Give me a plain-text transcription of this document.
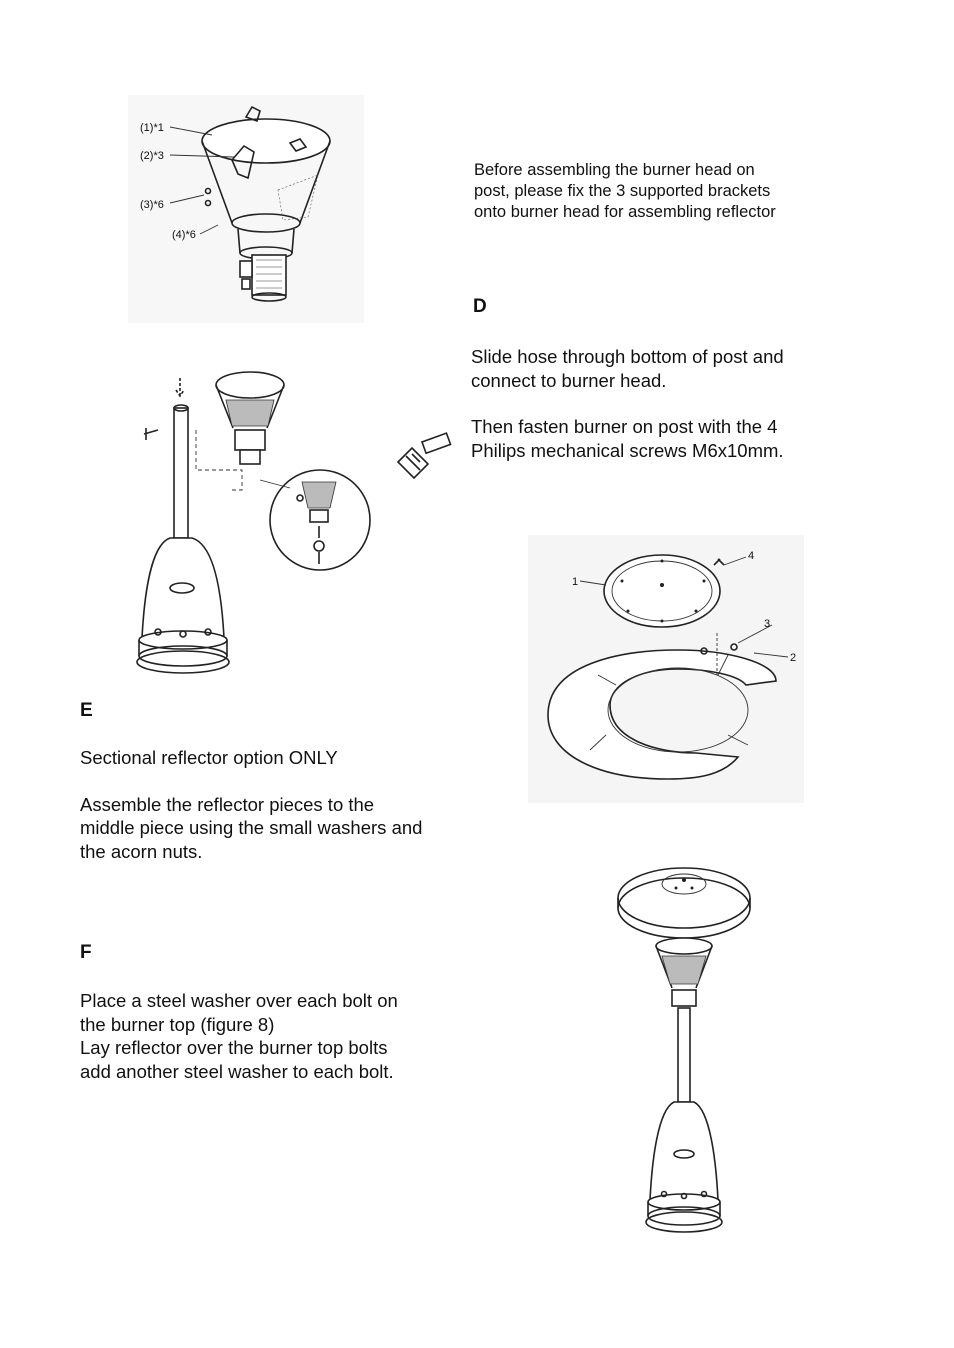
(1)*1
(2)*3
(3)*6
(4)*6
Before assembling the burner head on
post, please fix the 3 supported brackets
onto burner head for assembling reflector
D

Slide hose through bottom of post and
connect to burner head.

Then fasten burner on post with the 4
Philips mechanical screws M6x10mm.

1
2
3
4
E

Sectional reflector option ONLY

Assemble the reflector pieces to the
middle piece using the small washers and
the acorn nuts.

F

Place a steel washer over each bolt on
the burner top (figure 8)
Lay reflector over the burner top bolts
add another steel washer to each bolt.
